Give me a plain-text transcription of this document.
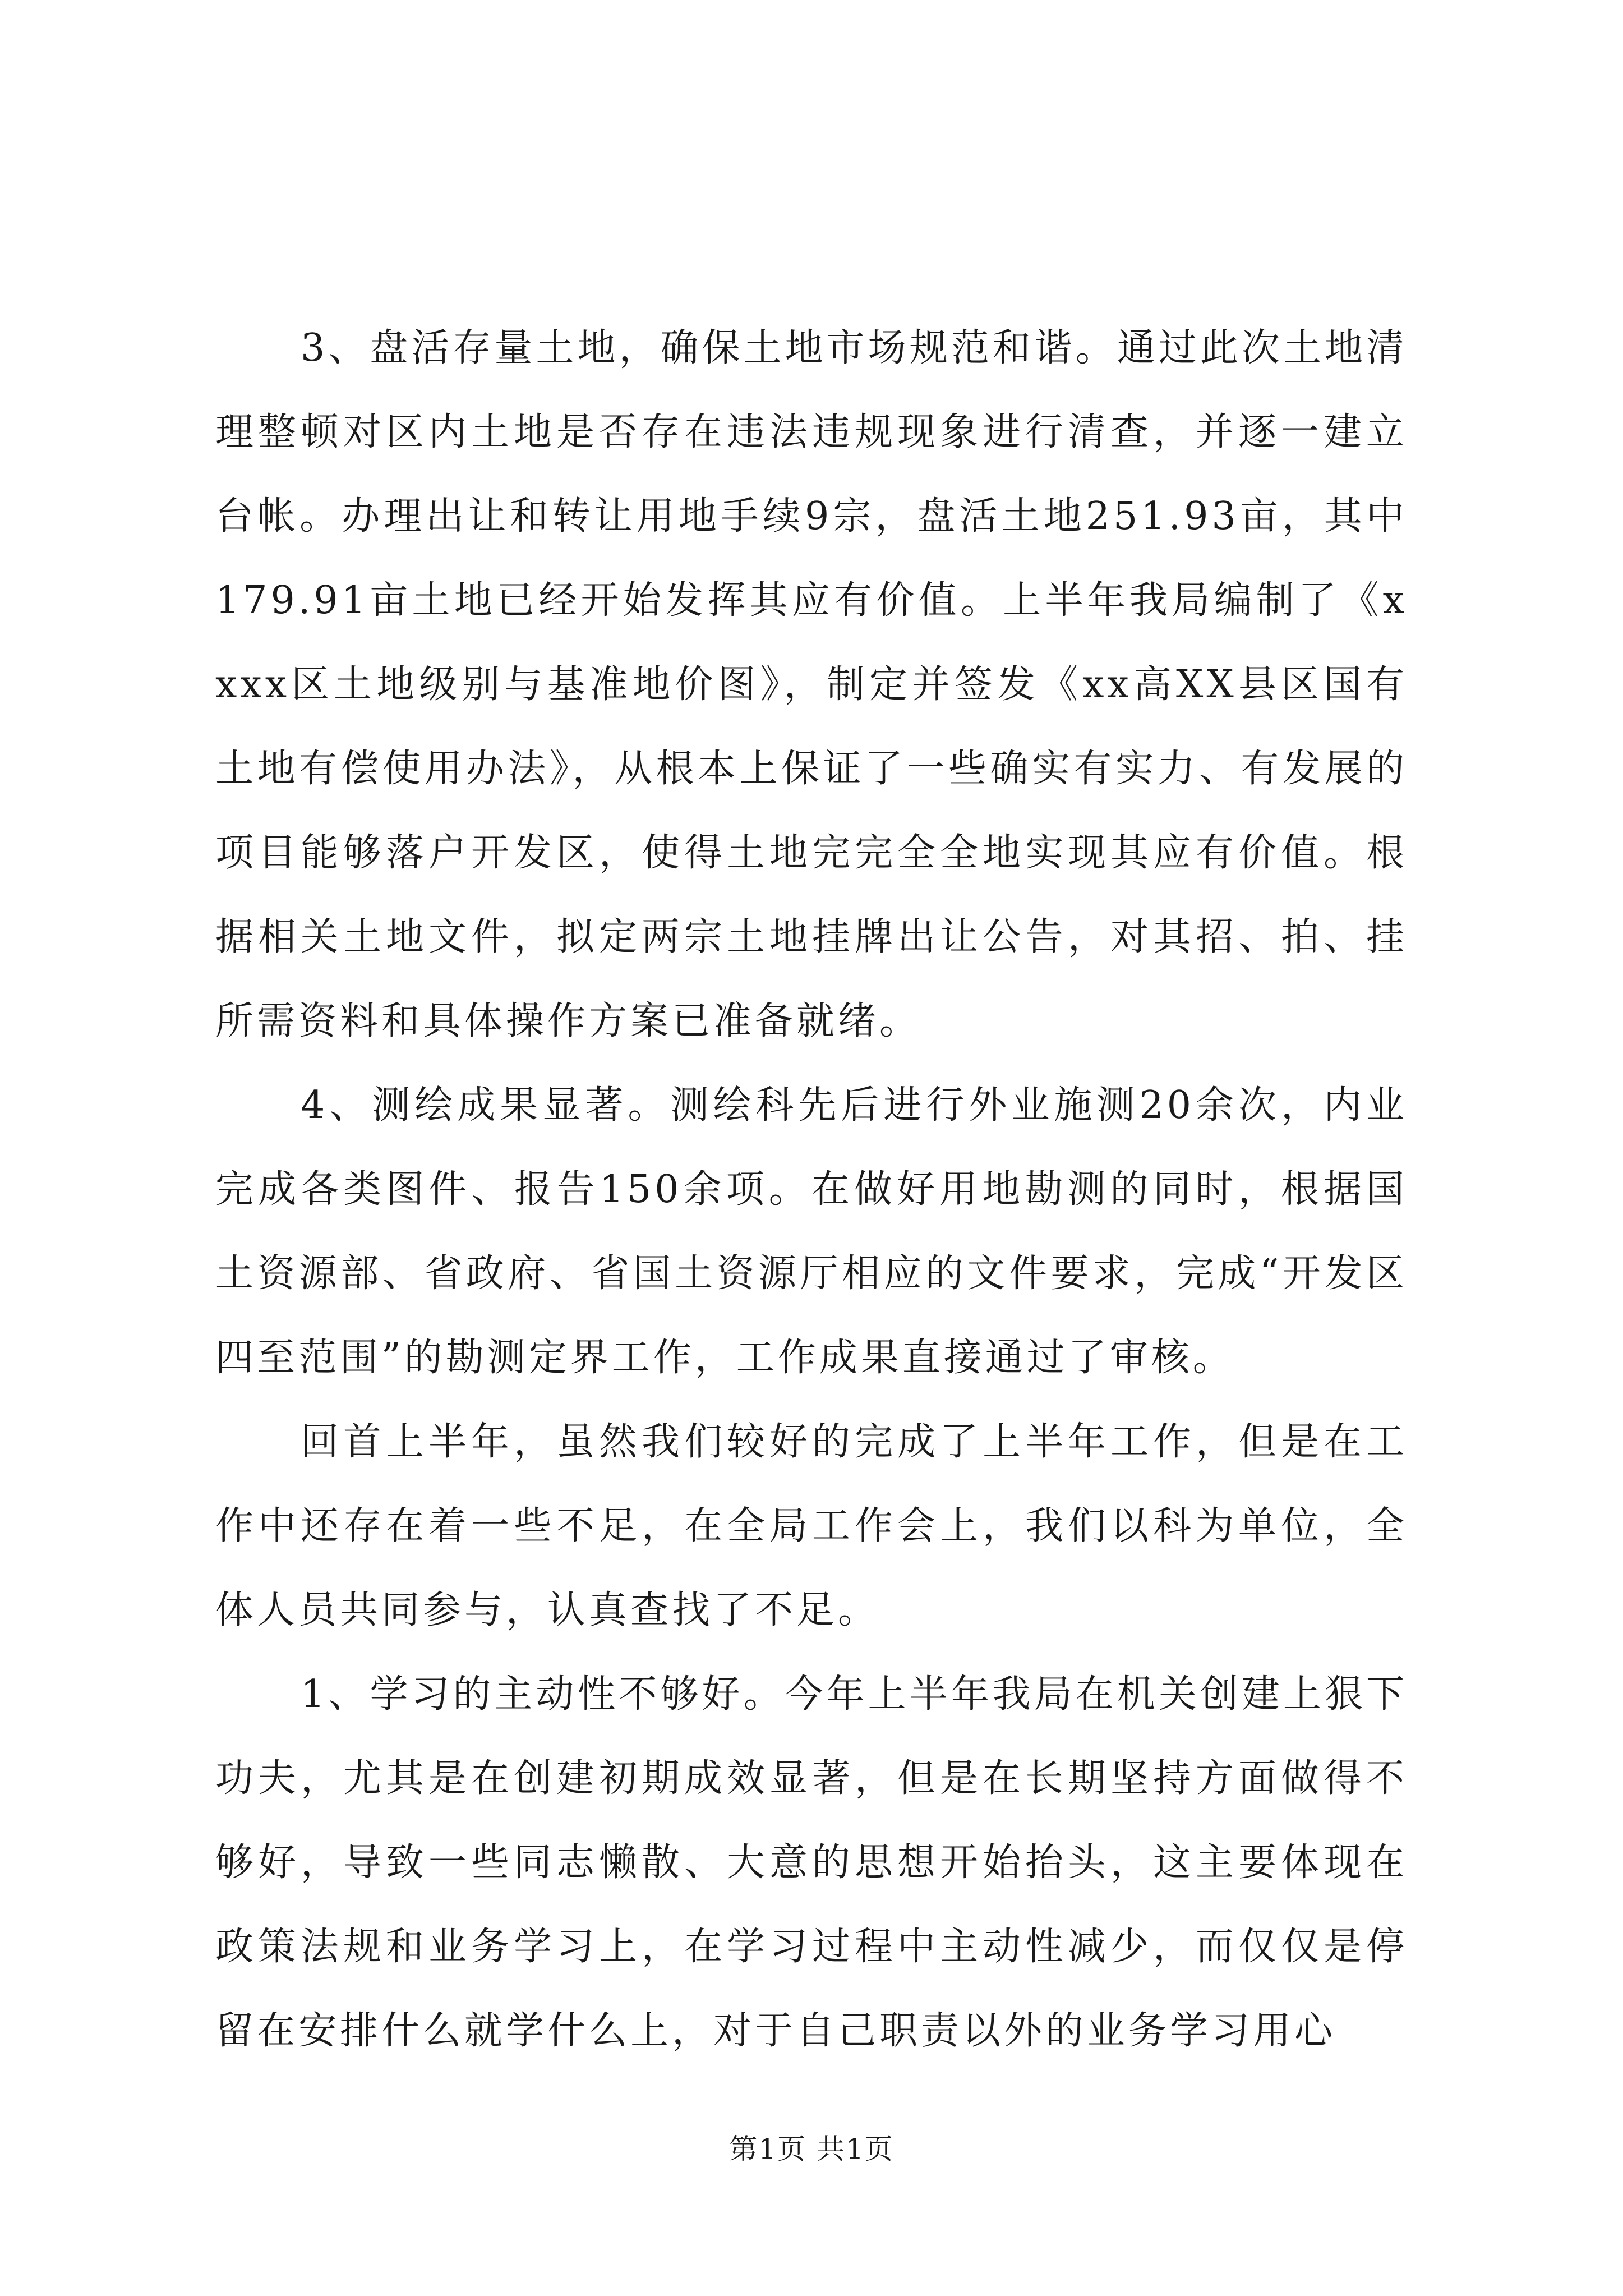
3、盘活存量土地，确保土地市场规范和谐。通过此次土地清理整顿对区内土地是否存在违法违规现象进行清查，并逐一建立台帐。办理出让和转让用地手续9宗，盘活土地251.93亩，其中179.91亩土地已经开始发挥其应有价值。上半年我局编制了《xxxx区土地级别与基准地价图》，制定并签发《xx高XX县区国有土地有偿使用办法》，从根本上保证了一些确实有实力、有发展的项目能够落户开发区，使得土地完完全全地实现其应有价值。根据相关土地文件，拟定两宗土地挂牌出让公告，对其招、拍、挂所需资料和具体操作方案已准备就绪。

4、测绘成果显著。测绘科先后进行外业施测20余次，内业完成各类图件、报告150余项。在做好用地勘测的同时，根据国土资源部、省政府、省国土资源厅相应的文件要求，完成“开发区四至范围”的勘测定界工作，工作成果直接通过了审核。

回首上半年，虽然我们较好的完成了上半年工作，但是在工作中还存在着一些不足，在全局工作会上，我们以科为单位，全体人员共同参与，认真查找了不足。

1、学习的主动性不够好。今年上半年我局在机关创建上狠下功夫，尤其是在创建初期成效显著，但是在长期坚持方面做得不够好，导致一些同志懒散、大意的思想开始抬头，这主要体现在政策法规和业务学习上，在学习过程中主动性减少，而仅仅是停留在安排什么就学什么上，对于自己职责以外的业务学习用心

第1页 共1页
